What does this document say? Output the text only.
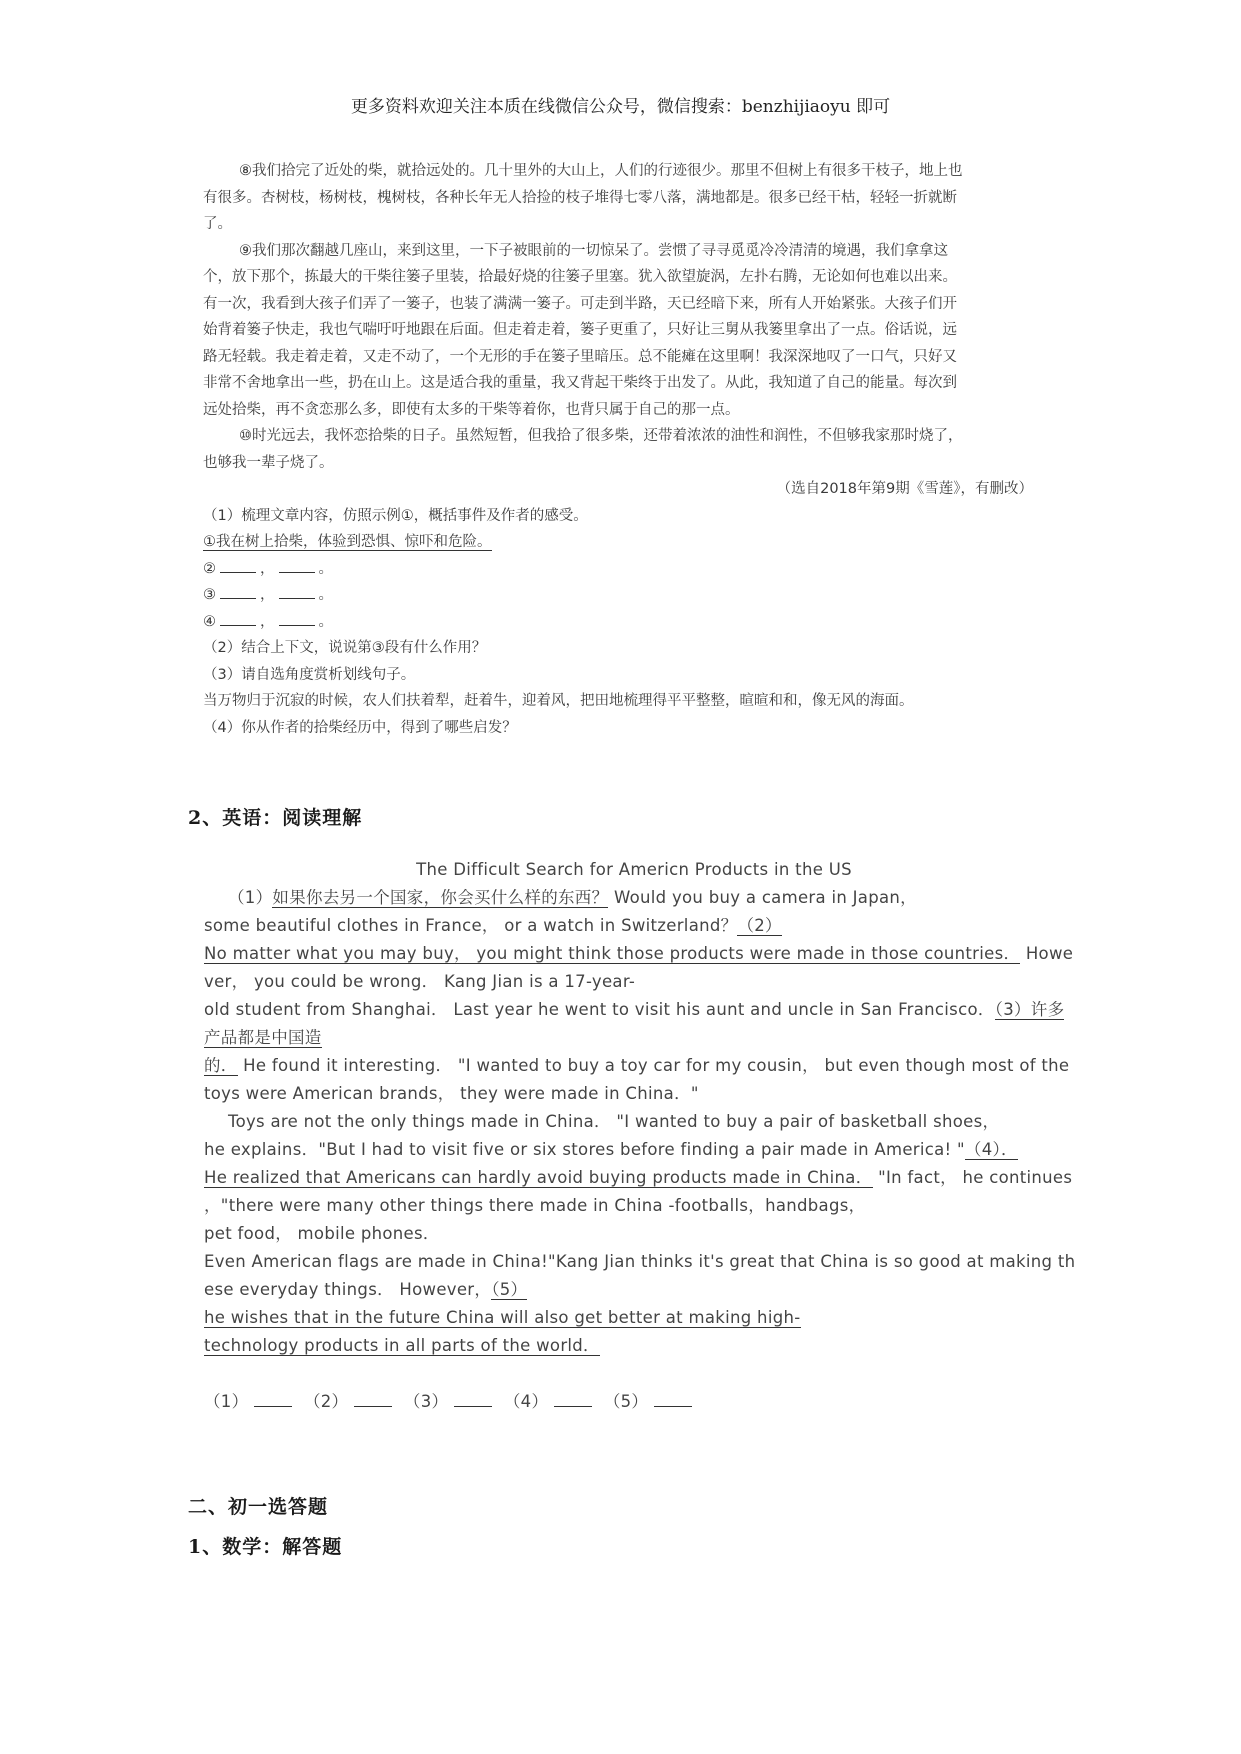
更多资料欢迎关注本质在线微信公众号，微信搜索：benzhijiaoyu 即可

⑧我们拾完了近处的柴，就拾远处的。几十里外的大山上，人们的行迹很少。那里不但树上有很多干枝子，地上也

有很多。杏树枝，杨树枝，槐树枝，各种长年无人拾捡的枝子堆得七零八落，满地都是。很多已经干枯，轻轻一折就断

了。

⑨我们那次翻越几座山，来到这里，一下子被眼前的一切惊呆了。尝惯了寻寻觅觅冷冷清清的境遇，我们拿拿这

个，放下那个，拣最大的干柴往篓子里装，拾最好烧的往篓子里塞。犹入欲望旋涡，左扑右腾，无论如何也难以出来。

有一次，我看到大孩子们弄了一篓子，也装了满满一篓子。可走到半路，天已经暗下来，所有人开始紧张。大孩子们开

始背着篓子快走，我也气喘吁吁地跟在后面。但走着走着，篓子更重了，只好让三舅从我篓里拿出了一点。俗话说，远

路无轻载。我走着走着，又走不动了，一个无形的手在篓子里暗压。总不能瘫在这里啊！我深深地叹了一口气，只好又

非常不舍地拿出一些，扔在山上。这是适合我的重量，我又背起干柴终于出发了。从此，我知道了自己的能量。每次到

远处拾柴，再不贪恋那么多，即使有太多的干柴等着你，也背只属于自己的那一点。

⑩时光远去，我怀恋拾柴的日子。虽然短暂，但我拾了很多柴，还带着浓浓的油性和润性，不但够我家那时烧了，

也够我一辈子烧了。

（选自2018年第9期《雪莲》，有删改）

（1）梳理文章内容，仿照示例①，概括事件及作者的感受。

①我在树上拾柴，体验到恐惧、惊吓和危险。

②	，	。

③	，	。

④	，	。

（2）结合上下文，说说第③段有什么作用？

（3）请自选角度赏析划线句子。

当万物归于沉寂的时候，农人们扶着犁，赶着牛，迎着风，把田地梳理得平平整整，暄暄和和，像无风的海面。

（4）你从作者的拾柴经历中，得到了哪些启发？

2、英语：阅读理解

The Difficult Search for Americn Products in the US

（1）如果你去另一个国家，你会买什么样的东西？ Would you buy a camera in Japan，

some beautiful clothes in France， or a watch in Switzerland？（2）

No matter what you may buy， you might think those products were made in those countries． Howe

ver， you could be wrong． Kang Jian is a 17-year-

old student from Shanghai． Last year he went to visit his aunt and uncle in San Francisco．（3）许多

产品都是中国造

的． He found it interesting． "I wanted to buy a toy car for my cousin， but even though most of the

toys were American brands， they were made in China．"

Toys are not the only things made in China． "I wanted to buy a pair of basketball shoes，

he explains．"But I had to visit five or six stores before finding a pair made in America! "（4）．

He realized that Americans can hardly avoid buying products made in China． "In fact， he continues

，"there were many other things there made in China -footballs，handbags，

pet food， mobile phones．

Even American flags are made in China!"Kang Jian thinks it's great that China is so good at making th

ese everyday things． However，（5）

he wishes that in the future China will also get better at making high-

technology products in all parts of the world．

（1）	（2）	（3）	（4）	（5）

二、初一选答题
1、数学：解答题
